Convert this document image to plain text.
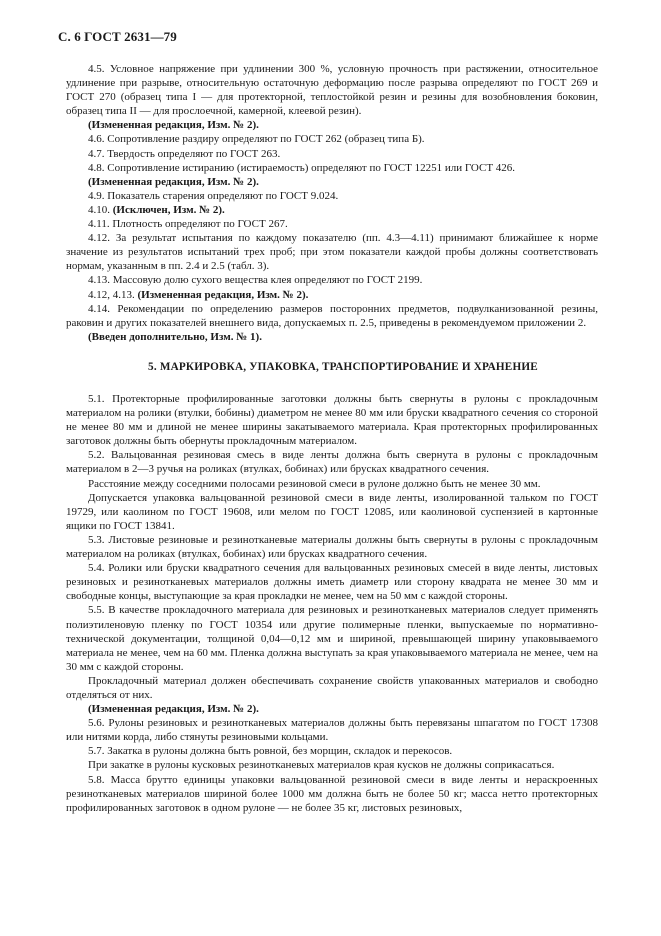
С. 6 ГОСТ 2631—79

4.5. Условное напряжение при удлинении 300 %, условную прочность при растяжении, относительное удлинение при разрыве, относительную остаточную деформацию после разрыва определяют по ГОСТ 269 и ГОСТ 270 (образец типа I — для протекторной, теплостойкой резин и резины для возобновления боковин, образец типа II — для прослоечной, камерной, клеевой резин).

(Измененная редакция, Изм. № 2).

4.6. Сопротивление раздиру определяют по ГОСТ 262 (образец типа Б).

4.7. Твердость определяют по ГОСТ 263.

4.8. Сопротивление истиранию (истираемость) определяют по ГОСТ 12251 или ГОСТ 426.

(Измененная редакция, Изм. № 2).

4.9. Показатель старения определяют по ГОСТ 9.024.

4.10. (Исключен, Изм. № 2).

4.11. Плотность определяют по ГОСТ 267.

4.12. За результат испытания по каждому показателю (пп. 4.3—4.11) принимают ближайшее к норме значение из результатов испытаний трех проб; при этом показатели каждой пробы должны соответствовать нормам, указанным в пп. 2.4 и 2.5 (табл. 3).

4.13. Массовую долю сухого вещества клея определяют по ГОСТ 2199.

4.12, 4.13. (Измененная редакция, Изм. № 2).

4.14. Рекомендации по определению размеров посторонних предметов, подвулканизованной резины, раковин и других показателей внешнего вида, допускаемых п. 2.5, приведены в рекомендуемом приложении 2.

(Введен дополнительно, Изм. № 1).

5. МАРКИРОВКА, УПАКОВКА, ТРАНСПОРТИРОВАНИЕ И ХРАНЕНИЕ

5.1. Протекторные профилированные заготовки должны быть свернуты в рулоны с прокладочным материалом на ролики (втулки, бобины) диаметром не менее 80 мм или бруски квадратного сечения со стороной не менее 80 мм и длиной не менее ширины закатываемого материала. Края протекторных профилированных заготовок должны быть обернуты прокладочным материалом.

5.2. Вальцованная резиновая смесь в виде ленты должна быть свернута в рулоны с прокладочным материалом в 2—3 ручья на роликах (втулках, бобинах) или брусках квадратного сечения.

Расстояние между соседними полосами резиновой смеси в рулоне должно быть не менее 30 мм.

Допускается упаковка вальцованной резиновой смеси в виде ленты, изолированной тальком по ГОСТ 19729, или каолином по ГОСТ 19608, или мелом по ГОСТ 12085, или каолиновой суспензией в картонные ящики по ГОСТ 13841.

5.3. Листовые резиновые и резинотканевые материалы должны быть свернуты в рулоны с прокладочным материалом на роликах (втулках, бобинах) или брусках квадратного сечения.

5.4. Ролики или бруски квадратного сечения для вальцованных резиновых смесей в виде ленты, листовых резиновых и резинотканевых материалов должны иметь диаметр или сторону квадрата не менее 30 мм и свободные концы, выступающие за края прокладки не менее, чем на 50 мм с каждой стороны.

5.5. В качестве прокладочного материала для резиновых и резинотканевых материалов следует применять полиэтиленовую пленку по ГОСТ 10354 или другие полимерные пленки, выпускаемые по нормативно-технической документации, толщиной 0,04—0,12 мм и шириной, превышающей ширину упаковываемого материала не менее, чем на 60 мм. Пленка должна выступать за края упаковываемого материала не менее, чем на 30 мм с каждой стороны.

Прокладочный материал должен обеспечивать сохранение свойств упакованных материалов и свободно отделяться от них.

(Измененная редакция, Изм. № 2).

5.6. Рулоны резиновых и резинотканевых материалов должны быть перевязаны шпагатом по ГОСТ 17308 или нитями корда, либо стянуты резиновыми кольцами.

5.7. Закатка в рулоны должна быть ровной, без морщин, складок и перекосов.

При закатке в рулоны кусковых резинотканевых материалов края кусков не должны соприкасаться.

5.8. Масса брутто единицы упаковки вальцованной резиновой смеси в виде ленты и нераскроенных резинотканевых материалов шириной более 1000 мм должна быть не более 50 кг; масса нетто протекторных профилированных заготовок в одном рулоне — не более 35 кг, листовых резиновых,
